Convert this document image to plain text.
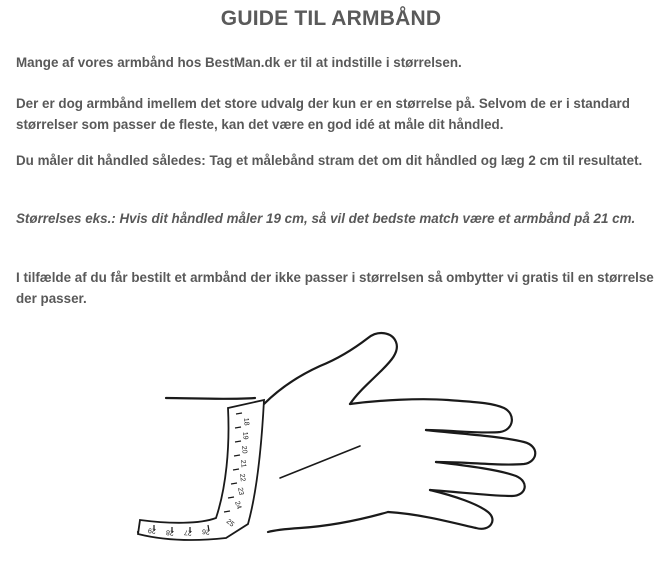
GUIDE TIL ARMBÅND

Mange af vores armbånd hos BestMan.dk er til at indstille i størrelsen.

Der er dog armbånd imellem det store udvalg der kun er en størrelse på. Selvom de er i standard størrelser som passer de fleste, kan det være en god idé at måle dit håndled.

Du måler dit håndled således: Tag et målebånd stram det om dit håndled og læg 2 cm til resultatet.

Størrelses eks.: Hvis dit håndled måler 19 cm, så vil det bedste match være et armbånd på 21 cm.

I tilfælde af du får bestilt et armbånd der ikke passer i størrelsen så ombytter vi gratis til en størrelse der passer.

18
19
20
21
22
23
24
25
26
27
28
29
